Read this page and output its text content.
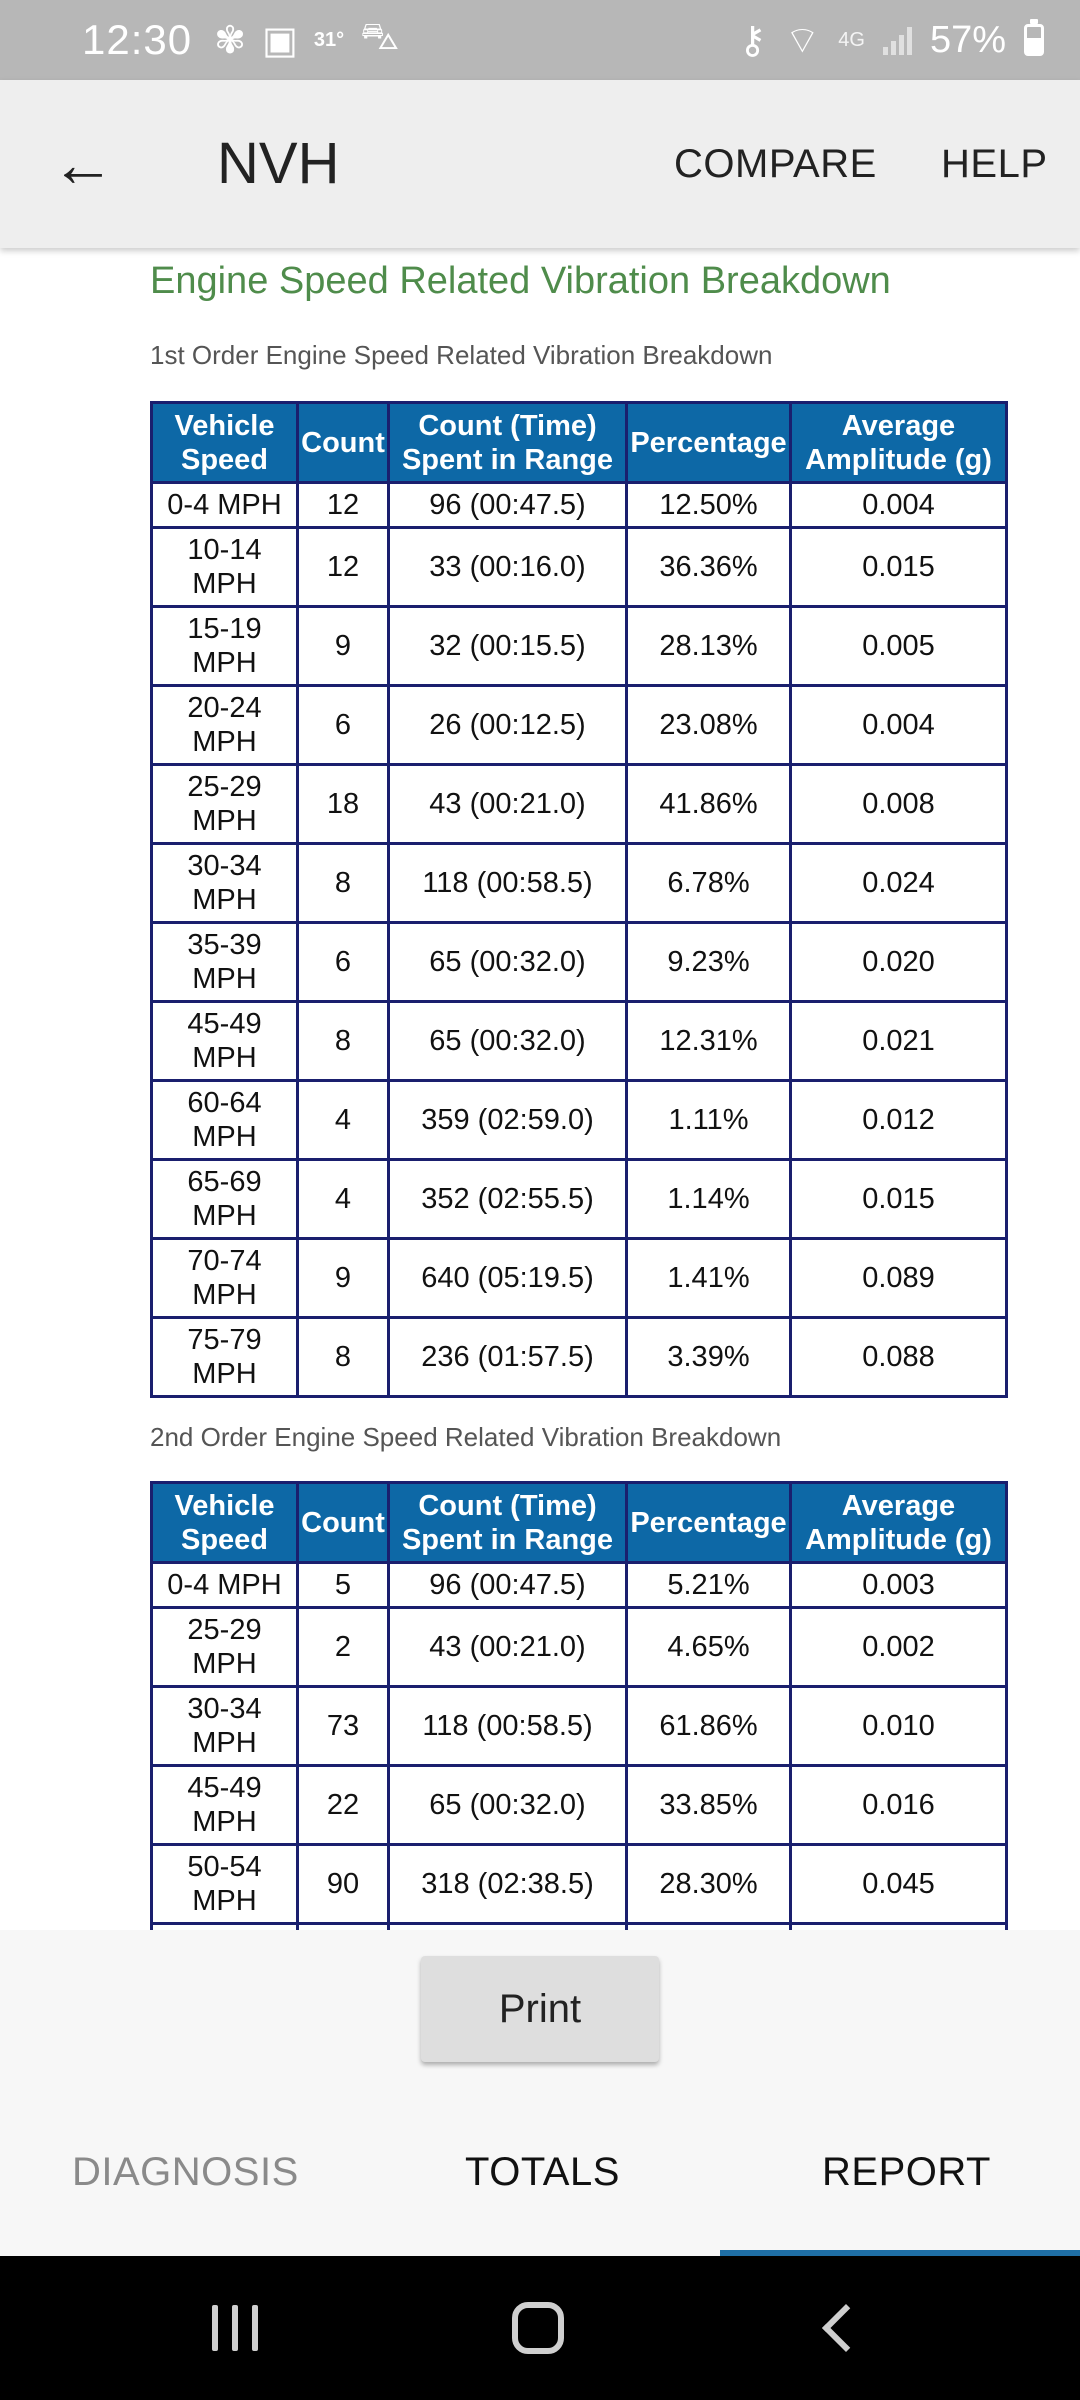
12:30 ✾ ▣ 31° ⛍	⚷ ⌔ 4G 57%
← NVH	COMPARE HELP
Engine Speed Related Vibration Breakdown
1st Order Engine Speed Related Vibration Breakdown
Vehicle Speed	Count	Count (Time) Spent in Range	Percentage	Average Amplitude (g)
0-4 MPH	12	96 (00:47.5)	12.50%	0.004
10-14 MPH	12	33 (00:16.0)	36.36%	0.015
15-19 MPH	9	32 (00:15.5)	28.13%	0.005
20-24 MPH	6	26 (00:12.5)	23.08%	0.004
25-29 MPH	18	43 (00:21.0)	41.86%	0.008
30-34 MPH	8	118 (00:58.5)	6.78%	0.024
35-39 MPH	6	65 (00:32.0)	9.23%	0.020
45-49 MPH	8	65 (00:32.0)	12.31%	0.021
60-64 MPH	4	359 (02:59.0)	1.11%	0.012
65-69 MPH	4	352 (02:55.5)	1.14%	0.015
70-74 MPH	9	640 (05:19.5)	1.41%	0.089
75-79 MPH	8	236 (01:57.5)	3.39%	0.088
2nd Order Engine Speed Related Vibration Breakdown
Vehicle Speed	Count	Count (Time) Spent in Range	Percentage	Average Amplitude (g)
0-4 MPH	5	96 (00:47.5)	5.21%	0.003
25-29 MPH	2	43 (00:21.0)	4.65%	0.002
30-34 MPH	73	118 (00:58.5)	61.86%	0.010
45-49 MPH	22	65 (00:32.0)	33.85%	0.016
50-54 MPH	90	318 (02:38.5)	28.30%	0.045

Print
DIAGNOSIS	TOTALS	REPORT
